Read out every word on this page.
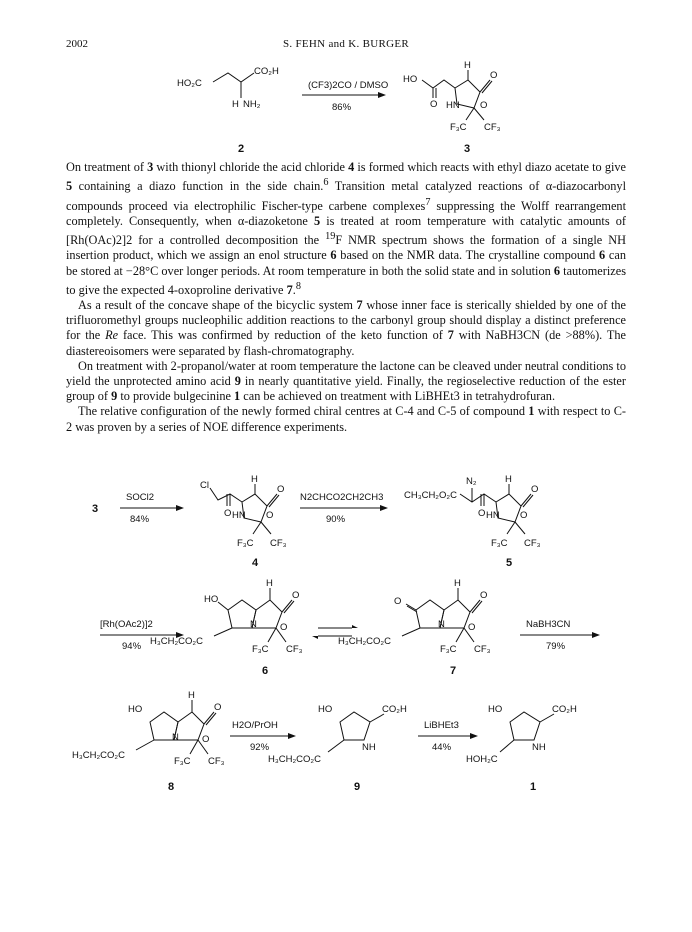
2002	S. FEHN and K. BURGER
HO₂C
CO₂H
H NH₂
HO
O
H
O
HN O
F₃C CF₃
(CF3)2CO / DMSO
86%
2	3

On treatment of 3 with thionyl chloride the acid chloride 4 is formed which reacts with ethyl diazo acetate to give 5 containing a diazo function in the side chain.$^6$ Transition metal catalyzed reactions of α-diazocarbonyl compounds proceed via electrophilic Fischer-type carbene complexes$^7$ suppressing the Wolff rearrangement completely. Consequently, when α-diazoketone 5 is treated at room temperature with catalytic amounts of [Rh(OAc)2]2 for a controlled decomposition the $^{19}$F NMR spectrum shows the formation of a single NH insertion product, which we assign an enol structure 6 based on the NMR data. The crystalline compound 6 can be stored at −28°C over longer periods. At room temperature in both the solid state and in solution 6 tautomerizes to give the expected 4-oxoproline derivative 7.$^8$

As a result of the concave shape of the bicyclic system 7 whose inner face is sterically shielded by one of the trifluoromethyl groups nucleophilic addition reactions to the carbonyl group should display a distinct preference for the Re face. This was confirmed by reduction of the keto function of 7 with NaBH3CN (de >88%). The diastereoisomers were separated by flash-chromatography.

On treatment with 2-propanol/water at room temperature the lactone can be cleaved under neutral conditions to yield the unprotected amino acid 9 in nearly quantitative yield. Finally, the regioselective reduction of the ester group of 9 to provide bulgecinine 1 can be achieved on treatment with LiBHEt3 in tetrahydrofuran.

The relative configuration of the newly formed chiral centres at C-4 and C-5 of compound 1 with respect to C-2 was proven by a series of NOE difference experiments.

Cl
O
H
O
HN O
F₃C CF₃
N₂
CH₃CH₂O₂C
O
H
O
HN O
F₃C CF₃
HO
H
O
N O
H₃CH₂CO₂C
F₃C CF₃
O
H
O
N O
H₃CH₂CO₂C
F₃C CF₃
HO
H
O
N O
H₃CH₂CO₂C
F₃C CF₃
HO	CO₂H
NH
H₃CH₂CO₂C
HO	CO₂H
NH
HOH₂C
SOCl2
84%
N2CHCO2CH2CH3
90%
[Rh(OAc2)]2
94%
NaBH3CN
79%
H2O/PrOH
92%
LiBHEt3
44%
3
4	5
6	7
8	9	1
